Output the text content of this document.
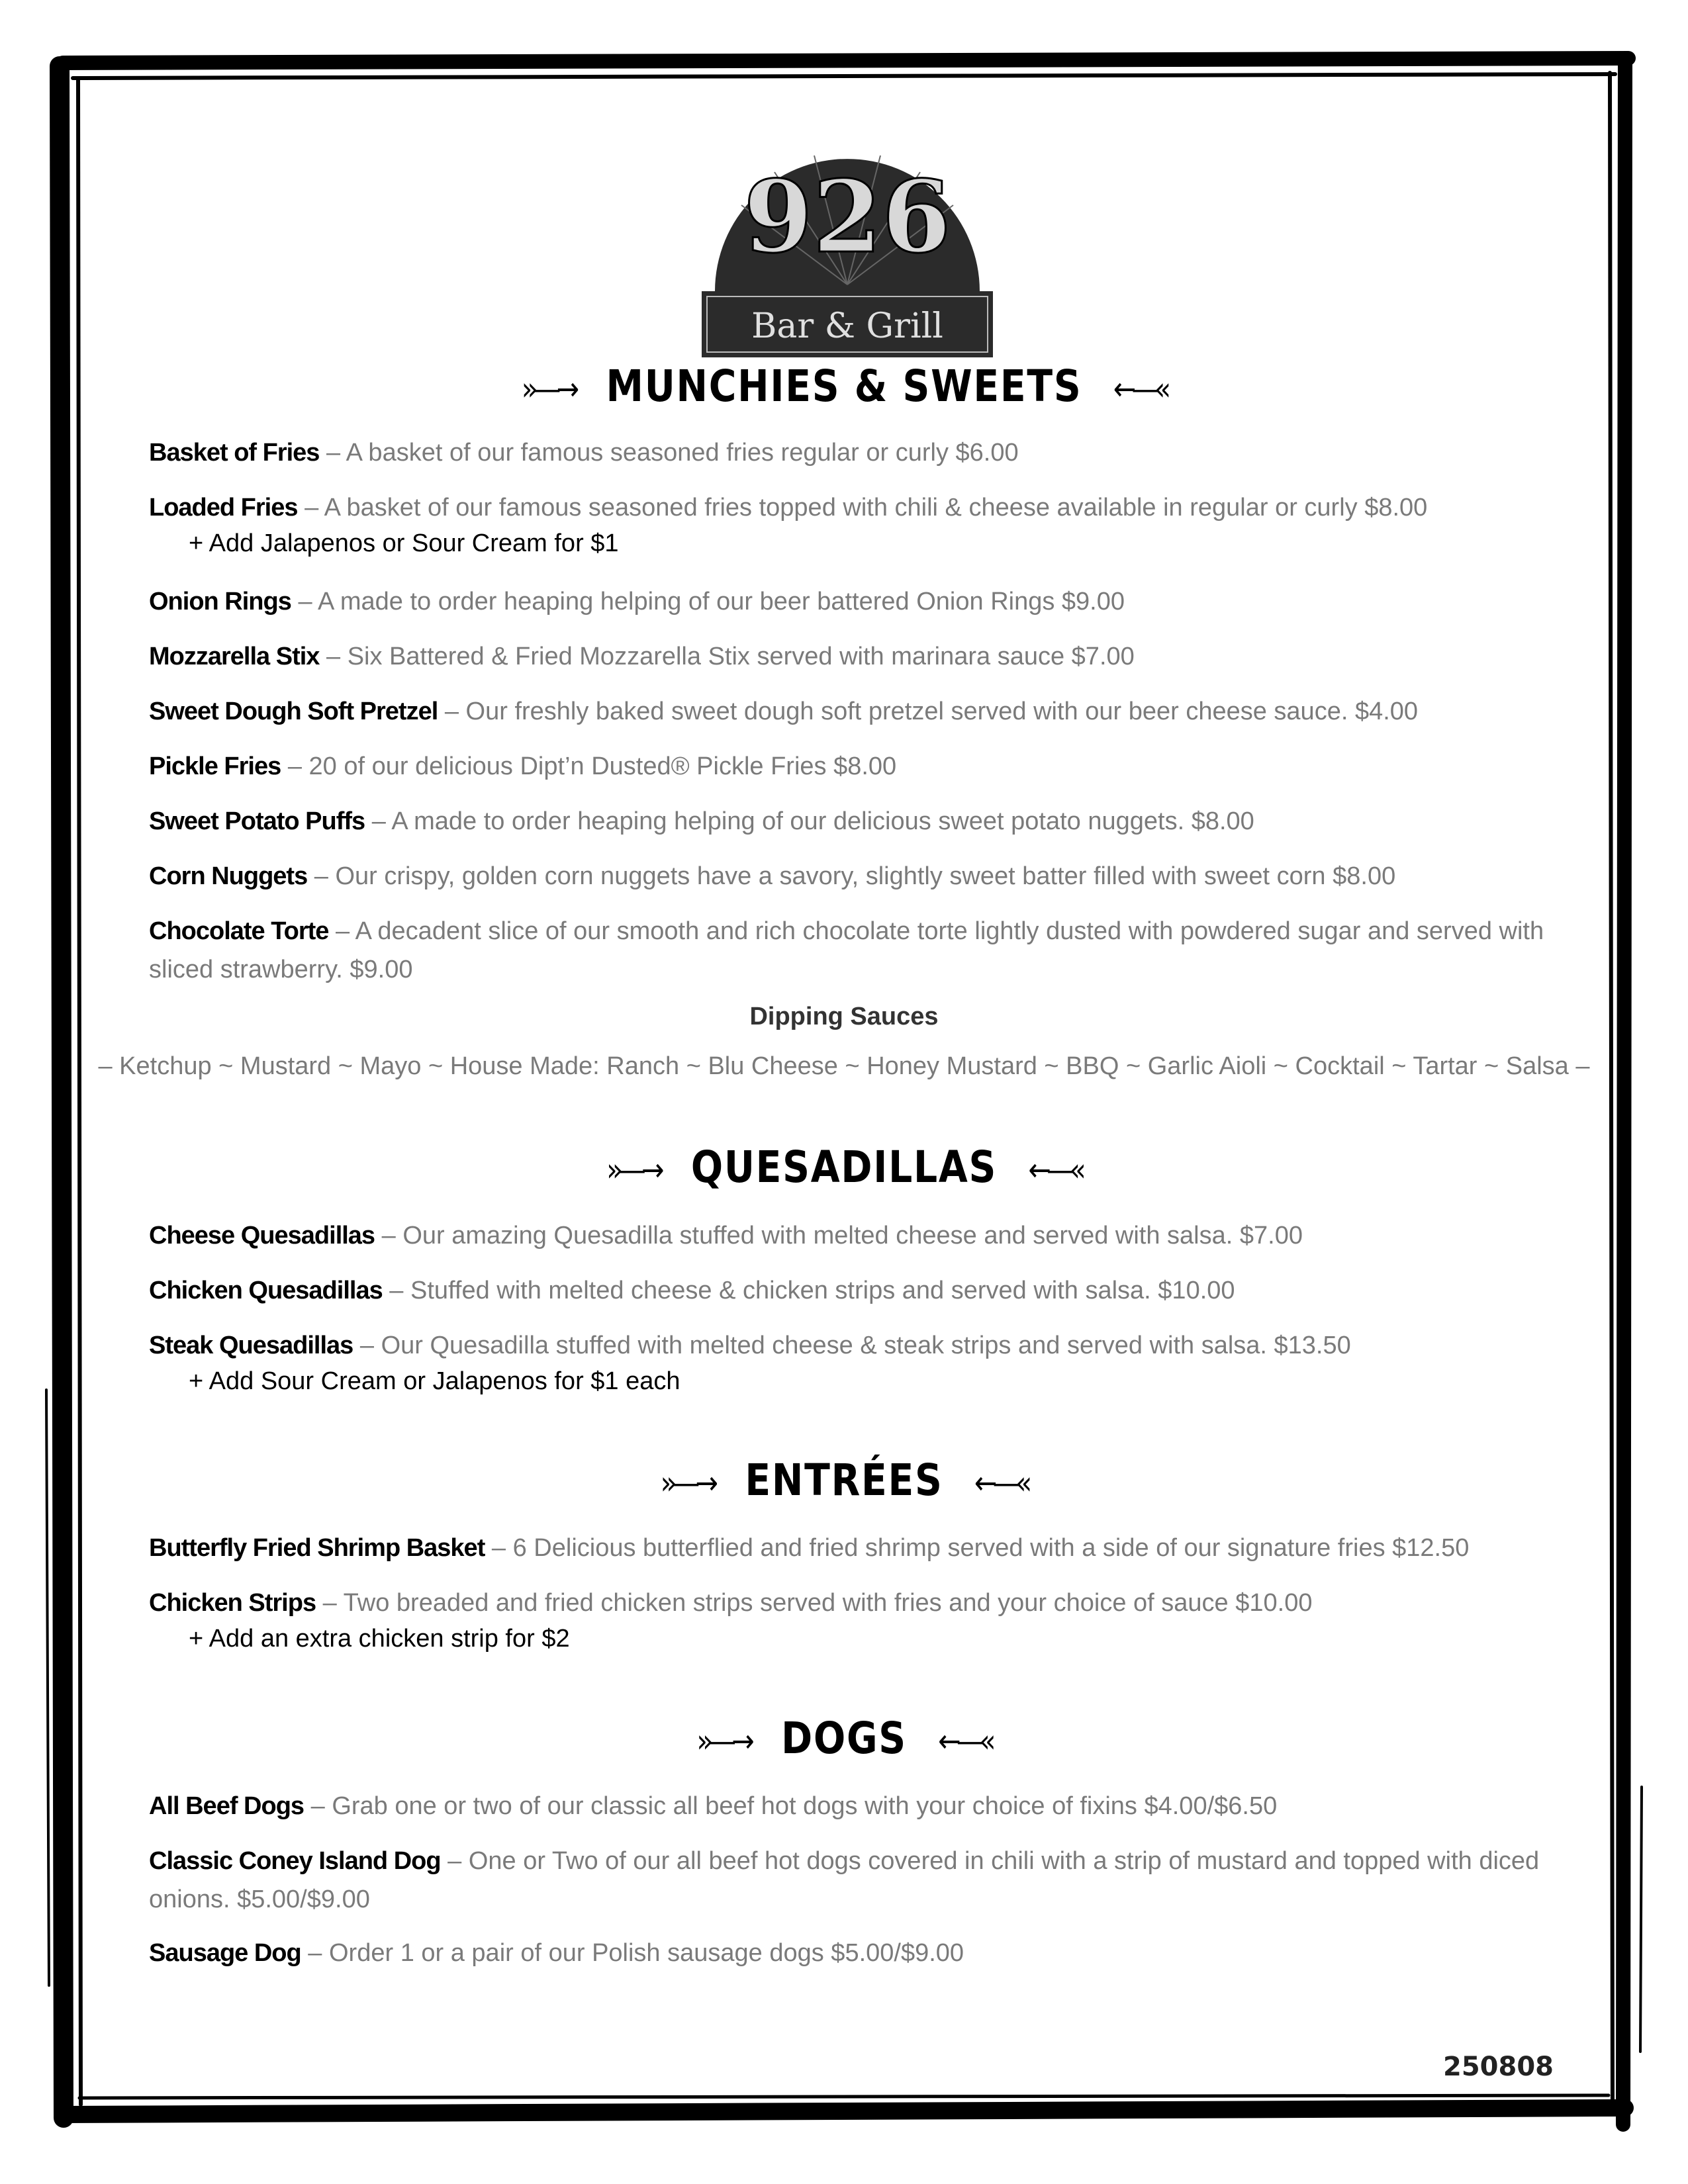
926
Bar & Grill
»—→ MUNCHIES & SWEETS ←—«
Basket of Fries – A basket of our famous seasoned fries regular or curly $6.00
Loaded Fries – A basket of our famous seasoned fries topped with chili & cheese available in regular or curly $8.00
+ Add Jalapenos or Sour Cream for $1
Onion Rings – A made to order heaping helping of our beer battered Onion Rings $9.00
Mozzarella Stix – Six Battered & Fried Mozzarella Stix served with marinara sauce $7.00
Sweet Dough Soft Pretzel – Our freshly baked sweet dough soft pretzel served with our beer cheese sauce. $4.00
Pickle Fries – 20 of our delicious Dipt’n Dusted® Pickle Fries $8.00
Sweet Potato Puffs – A made to order heaping helping of our delicious sweet potato nuggets. $8.00
Corn Nuggets – Our crispy, golden corn nuggets have a savory, slightly sweet batter filled with sweet corn $8.00
Chocolate Torte – A decadent slice of our smooth and rich chocolate torte lightly dusted with powdered sugar and served with sliced strawberry. $9.00
Dipping Sauces
– Ketchup ~ Mustard ~ Mayo ~ House Made: Ranch ~ Blu Cheese ~ Honey Mustard ~ BBQ ~ Garlic Aioli ~ Cocktail ~ Tartar ~ Salsa –
»—→ QUESADILLAS ←—«
Cheese Quesadillas – Our amazing Quesadilla stuffed with melted cheese and served with salsa. $7.00
Chicken Quesadillas – Stuffed with melted cheese & chicken strips and served with salsa. $10.00
Steak Quesadillas – Our Quesadilla stuffed with melted cheese & steak strips and served with salsa. $13.50
+ Add Sour Cream or Jalapenos for $1 each
»—→ ENTRÉES ←—«
Butterfly Fried Shrimp Basket – 6 Delicious butterflied and fried shrimp served with a side of our signature fries $12.50
Chicken Strips – Two breaded and fried chicken strips served with fries and your choice of sauce $10.00
+ Add an extra chicken strip for $2
»—→ DOGS ←—«
All Beef Dogs – Grab one or two of our classic all beef hot dogs with your choice of fixins $4.00/$6.50
Classic Coney Island Dog – One or Two of our all beef hot dogs covered in chili with a strip of mustard and topped with diced onions. $5.00/$9.00
Sausage Dog – Order 1 or a pair of our Polish sausage dogs $5.00/$9.00
250808
